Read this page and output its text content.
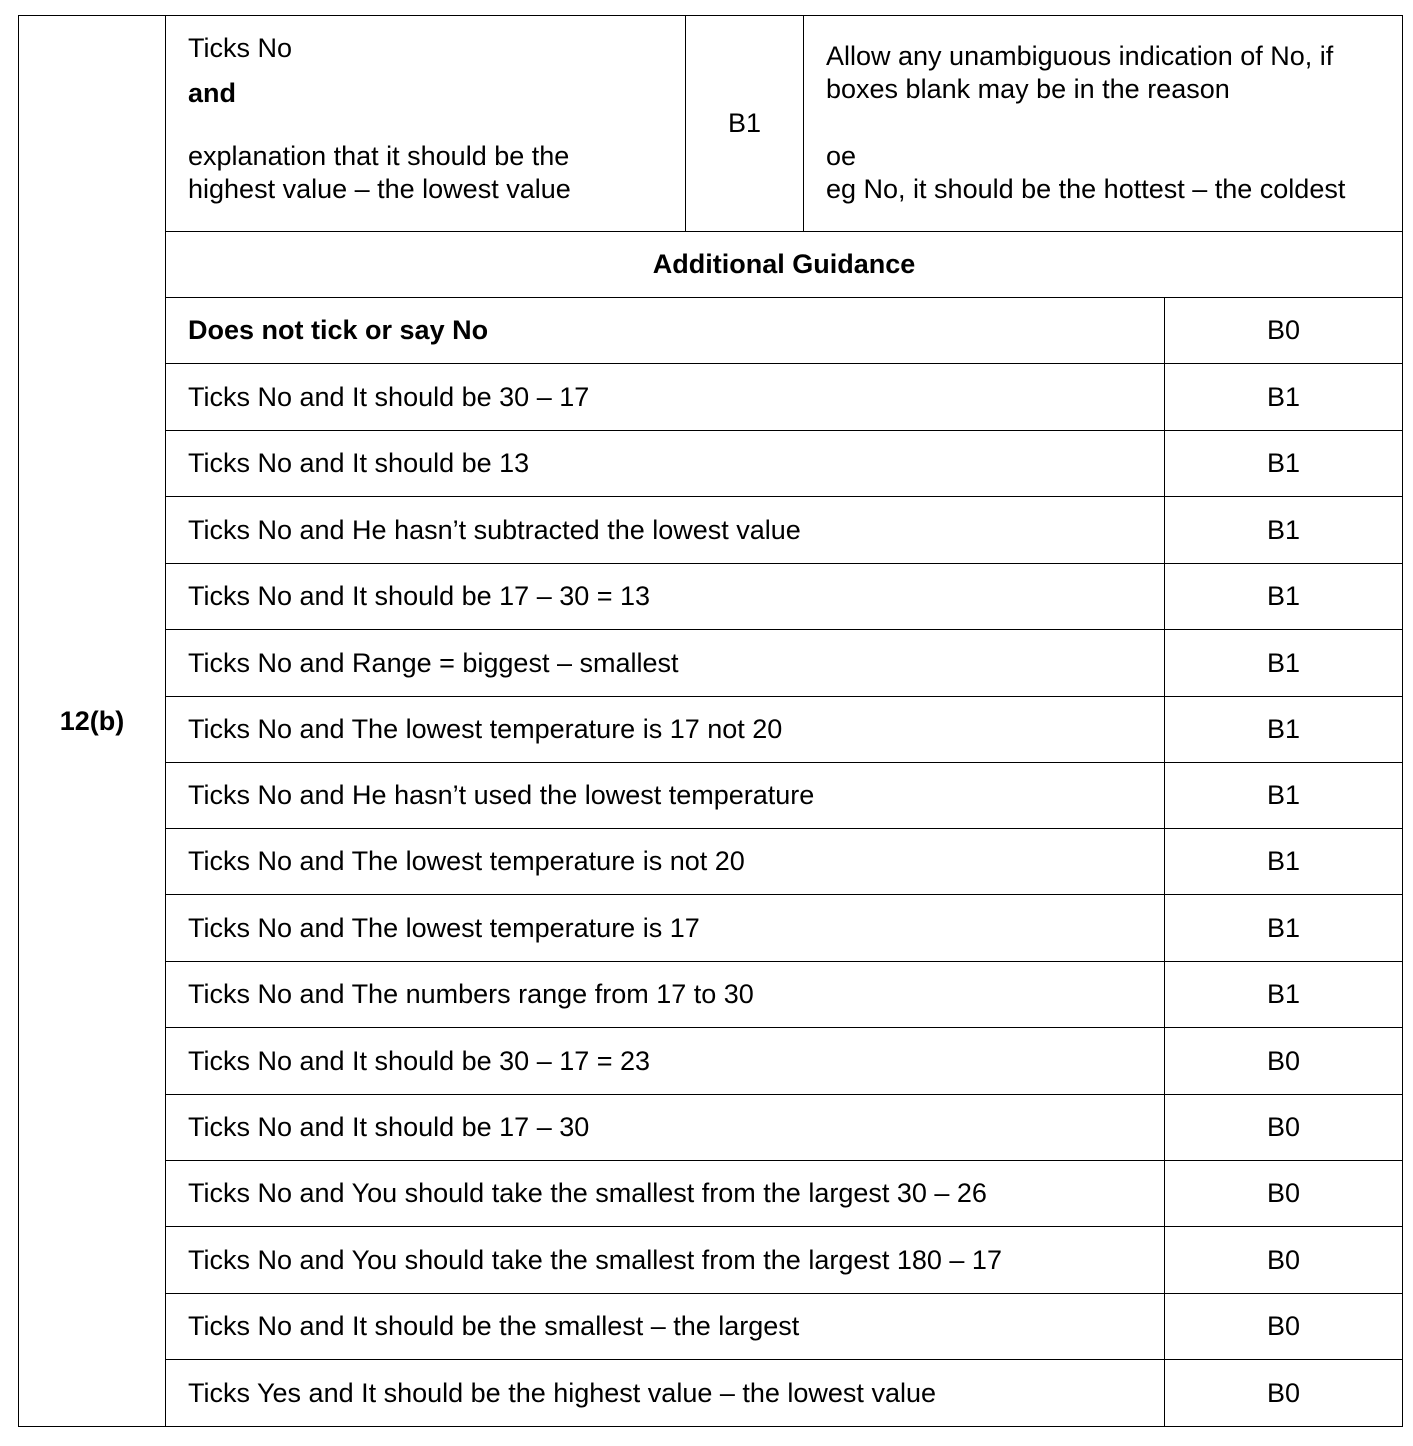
12(b)	Ticks No
and
explanation that it should be the
highest value – the lowest value	B1	Allow any unambiguous indication of No, if
boxes blank may be in the reason
oe
eg No, it should be the hottest – the coldest	

	Additional Guidance			
	Does not tick or say No			B0
	Ticks No and It should be 30 – 17			B1
	Ticks No and It should be 13			B1
	Ticks No and He hasn’t subtracted the lowest value			B1
	Ticks No and It should be 17 – 30 = 13			B1
	Ticks No and Range = biggest – smallest			B1
	Ticks No and The lowest temperature is 17 not 20			B1
	Ticks No and He hasn’t used the lowest temperature			B1
	Ticks No and The lowest temperature is not 20			B1
	Ticks No and The lowest temperature is 17			B1
	Ticks No and The numbers range from 17 to 30			B1
	Ticks No and It should be 30 – 17 = 23			B0
	Ticks No and It should be 17 – 30			B0
	Ticks No and You should take the smallest from the largest 30 – 26			B0
	Ticks No and You should take the smallest from the largest 180 – 17			B0
	Ticks No and It should be the smallest – the largest			B0
	Ticks Yes and It should be the highest value – the lowest value			B0
